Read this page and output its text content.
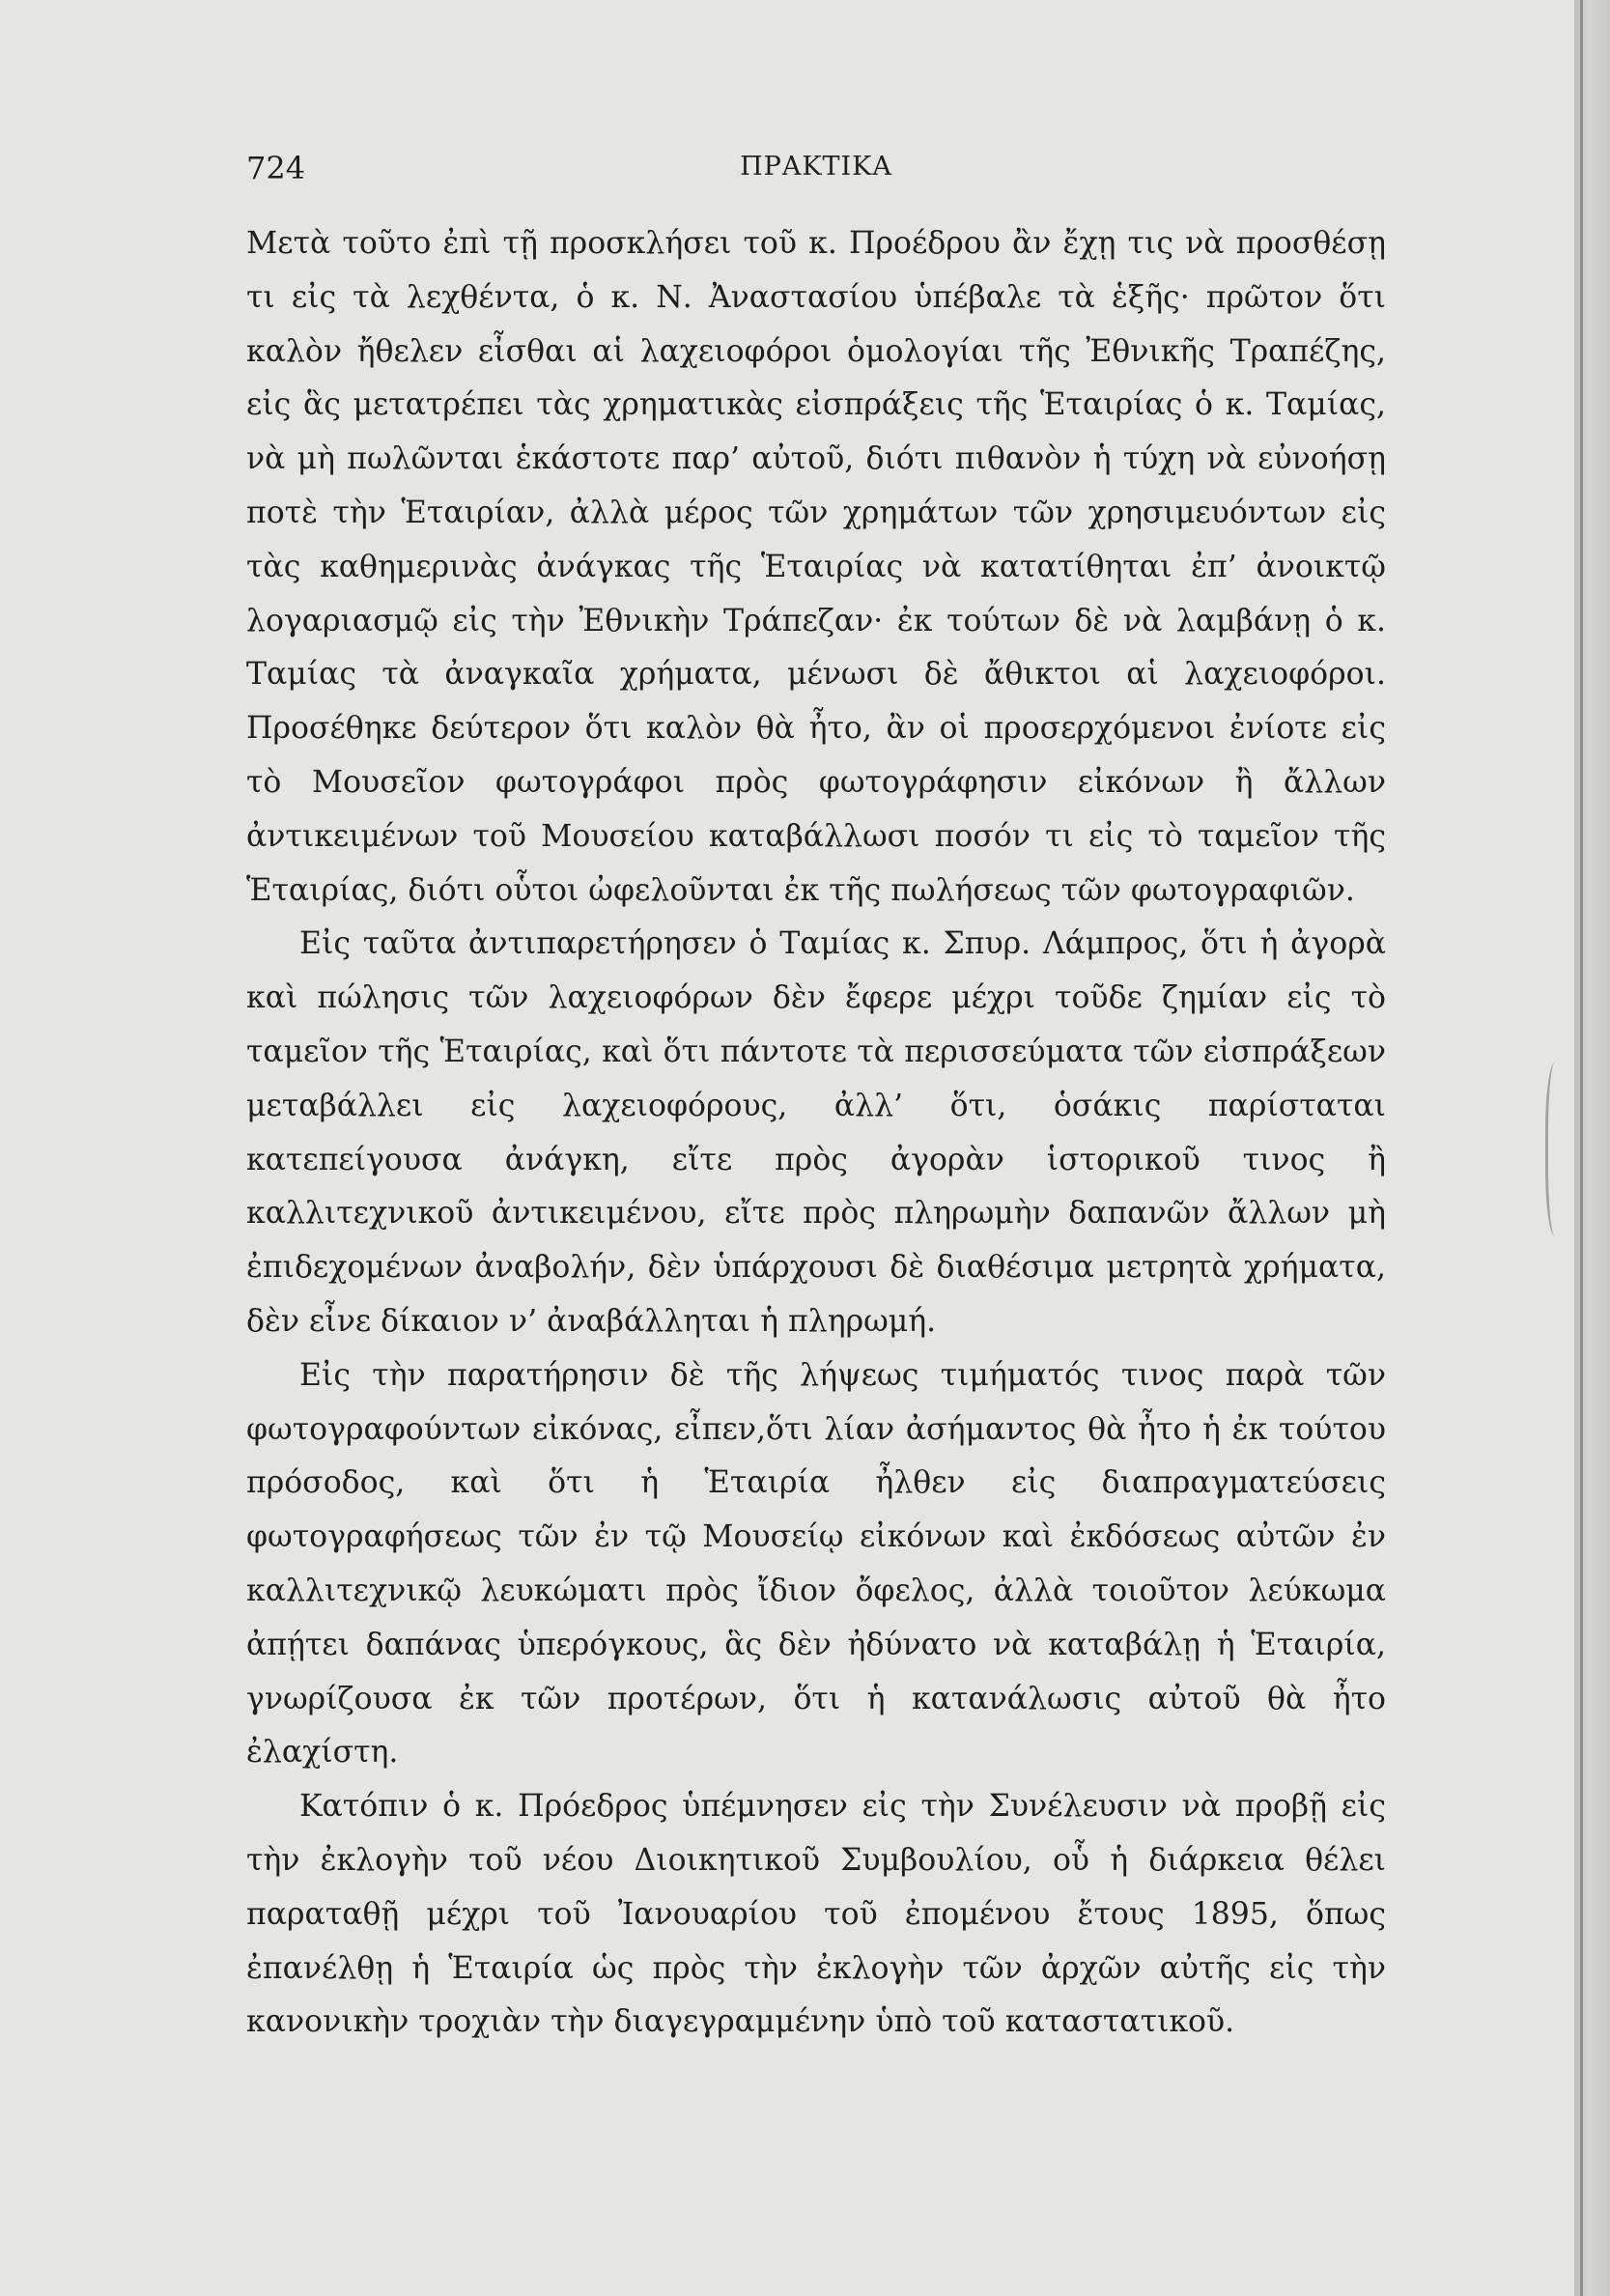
724	ΠΡΑΚΤΙΚΑ

Μετὰ τοῦτο ἐπὶ τῇ προσκλήσει τοῦ κ. Προέδρου ἂν ἔχῃ τις νὰ προσθέσῃ τι εἰς τὰ λεχθέντα, ὁ κ. Ν. Ἀναστασίου ὑπέβαλε τὰ ἑξῆς· πρῶτον ὅτι καλὸν ἤθελεν εἶσθαι αἱ λαχειοφόροι ὁμολογίαι τῆς Ἐθνικῆς Τραπέζης, εἰς ἃς μετατρέπει τὰς χρηματικὰς εἰσπράξεις τῆς Ἑταιρίας ὁ κ. Ταμίας, νὰ μὴ πωλῶνται ἑκάστοτε παρ’ αὐτοῦ, διότι πιθανὸν ἡ τύχη νὰ εὐνοήσῃ ποτὲ τὴν Ἑταιρίαν, ἀλλὰ μέρος τῶν χρημάτων τῶν χρησιμευόντων εἰς τὰς καθημερινὰς ἀνάγκας τῆς Ἑταιρίας νὰ κατατίθηται ἐπ’ ἀνοικτῷ λογαριασμῷ εἰς τὴν Ἐθνικὴν Τράπεζαν· ἐκ τούτων δὲ νὰ λαμβάνῃ ὁ κ. Ταμίας τὰ ἀναγκαῖα χρήματα, μένωσι δὲ ἄθικτοι αἱ λαχειοφόροι. Προσέθηκε δεύτερον ὅτι καλὸν θὰ ἦτο, ἂν οἱ προσερχόμενοι ἐνίοτε εἰς τὸ Μουσεῖον φωτογράφοι πρὸς φωτογράφησιν εἰκόνων ἢ ἄλλων ἀντικειμένων τοῦ Μουσείου καταβάλλωσι ποσόν τι εἰς τὸ ταμεῖον τῆς Ἑταιρίας, διότι οὗτοι ὠφελοῦνται ἐκ τῆς πωλήσεως τῶν φωτογραφιῶν.

Εἰς ταῦτα ἀντιπαρετήρησεν ὁ Ταμίας κ. Σπυρ. Λάμπρος, ὅτι ἡ ἀγορὰ καὶ πώλησις τῶν λαχειοφόρων δὲν ἔφερε μέχρι τοῦδε ζημίαν εἰς τὸ ταμεῖον τῆς Ἑταιρίας, καὶ ὅτι πάντοτε τὰ περισσεύματα τῶν εἰσπράξεων μεταβάλλει εἰς λαχειοφόρους, ἀλλ’ ὅτι, ὁσάκις παρίσταται κατεπείγουσα ἀνάγκη, εἴτε πρὸς ἀγορὰν ἱστορικοῦ τινος ἢ καλλιτεχνικοῦ ἀντικειμένου, εἴτε πρὸς πληρωμὴν δαπανῶν ἄλλων μὴ ἐπιδεχομένων ἀναβολήν, δὲν ὑπάρχουσι δὲ διαθέσιμα μετρητὰ χρήματα, δὲν εἶνε δίκαιον ν’ ἀναβάλληται ἡ πληρωμή.

Εἰς τὴν παρατήρησιν δὲ τῆς λήψεως τιμήματός τινος παρὰ τῶν φωτογραφούντων εἰκόνας, εἶπεν,ὅτι λίαν ἀσήμαντος θὰ ἦτο ἡ ἐκ τούτου πρόσοδος, καὶ ὅτι ἡ Ἑταιρία ἦλθεν εἰς διαπραγματεύσεις φωτογραφήσεως τῶν ἐν τῷ Μουσείῳ εἰκόνων καὶ ἐκδόσεως αὐτῶν ἐν καλλιτεχνικῷ λευκώματι πρὸς ἴδιον ὄφελος, ἀλλὰ τοιοῦτον λεύκωμα ἀπῄτει δαπάνας ὑπερόγκους, ἃς δὲν ἠδύνατο νὰ καταβάλῃ ἡ Ἑταιρία, γνωρίζουσα ἐκ τῶν προτέρων, ὅτι ἡ κατανάλωσις αὐτοῦ θὰ ἦτο ἐλαχίστη.

Κατόπιν ὁ κ. Πρόεδρος ὑπέμνησεν εἰς τὴν Συνέλευσιν νὰ προβῇ εἰς τὴν ἐκλογὴν τοῦ νέου Διοικητικοῦ Συμβουλίου, οὗ ἡ διάρκεια θέλει παραταθῇ μέχρι τοῦ Ἰανουαρίου τοῦ ἐπομένου ἔτους 1895, ὅπως ἐπανέλθῃ ἡ Ἑταιρία ὡς πρὸς τὴν ἐκλογὴν τῶν ἀρχῶν αὐτῆς εἰς τὴν κανονικὴν τροχιὰν τὴν διαγεγραμμένην ὑπὸ τοῦ καταστατικοῦ.
